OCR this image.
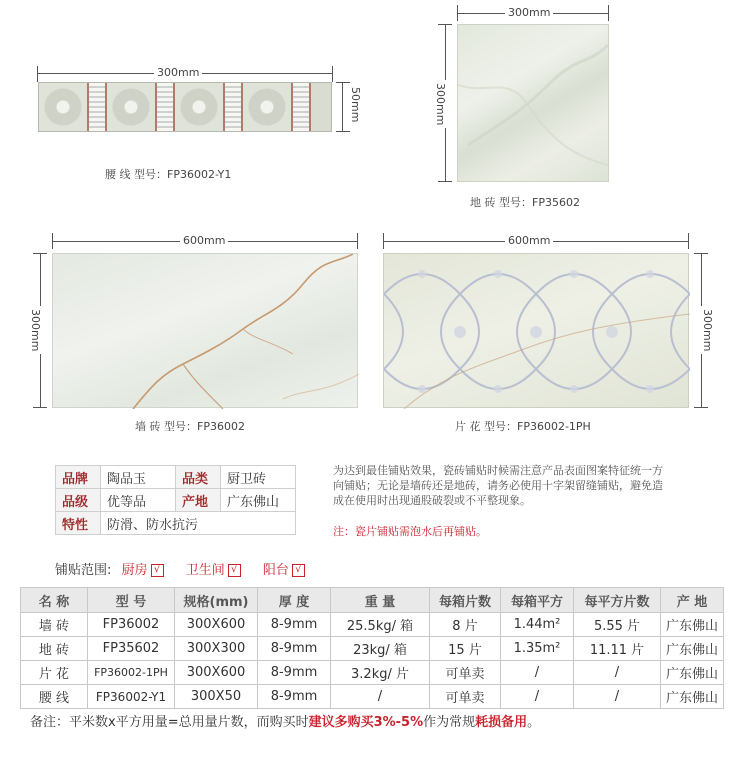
300mm
50mm
腰 线 型号：FP36002-Y1
300mm
300mm
地 砖 型号：FP35602
600mm
300mm
墙 砖 型号：FP36002
600mm
300mm
片 花 型号：FP36002-1PH
品牌	陶品玉	品类	厨卫砖
品级	优等品	产地	广东佛山
特性	防滑、防水抗污		
为达到最佳铺贴效果，瓷砖铺贴时候需注意产品表面图案特征统一方向铺贴；无论是墙砖还是地砖，请务必使用十字架留缝铺贴，避免造成在使用时出现通股破裂或不平整现象。
注：瓷片铺贴需泡水后再铺贴。
铺贴范围: 厨房 √ 卫生间 √ 阳台 √
名 称	型 号	规格(mm)	厚 度	重 量	每箱片数	每箱平方	每平方片数	产 地
墙 砖	FP36002	300X600	8-9mm	25.5kg/ 箱	8 片	1.44m²	5.55 片	广东佛山
地 砖	FP35602	300X300	8-9mm	23kg/ 箱	15 片	1.35m²	11.11 片	广东佛山
片 花	FP36002-1PH	300X600	8-9mm	3.2kg/ 片	可单卖	/	/	广东佛山
腰 线	FP36002-Y1	300X50	8-9mm	/	可单卖	/	/	广东佛山
备注：平米数x平方用量=总用量片数，而购买时建议多购买3%-5%作为常规耗损备用。
